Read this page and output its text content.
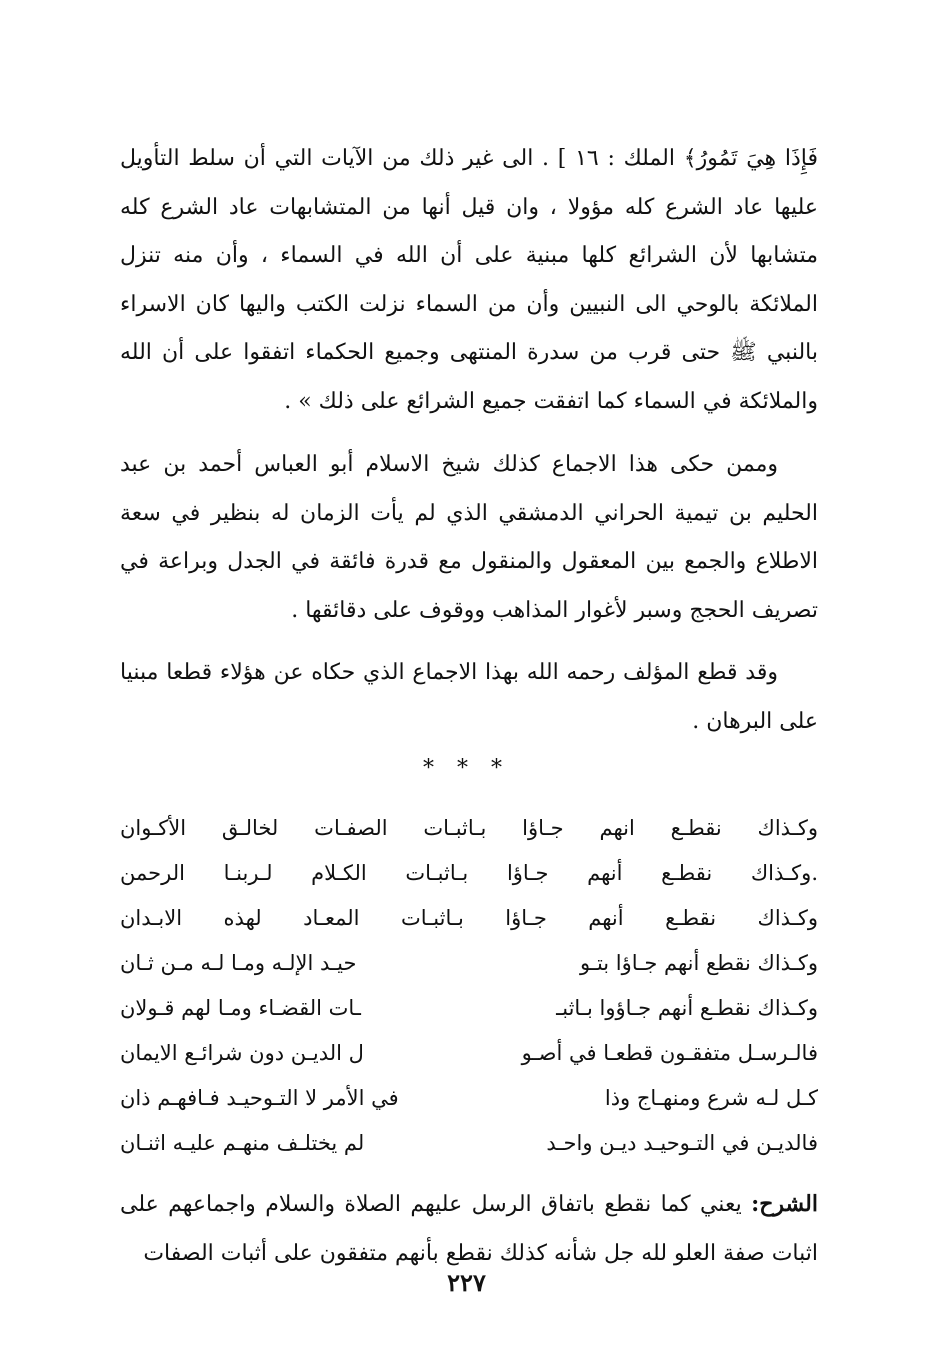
فَإِذَا هِيَ تَمُورُ﴾ الملك : ١٦ ] . الى غير ذلك من الآيات التي أن سلط التأويل عليها عاد الشرع كله مؤولا ، وان قيل أنها من المتشابهات عاد الشرع كله متشابها لأن الشرائع كلها مبنية على أن الله في السماء ، وأن منه تنزل الملائكة بالوحي الى النبيين وأن من السماء نزلت الكتب واليها كان الاسراء بالنبي ﷺ حتى قرب من سدرة المنتهى وجميع الحكماء اتفقوا على أن الله والملائكة في السماء كما اتفقت جميع الشرائع على ذلك » .
وممن حكى هذا الاجماع كذلك شيخ الاسلام أبو العباس أحمد بن عبد الحليم بن تيمية الحراني الدمشقي الذي لم يأت الزمان له بنظير في سعة الاطلاع والجمع بين المعقول والمنقول مع قدرة فائقة في الجدل وبراعة في تصريف الحجج وسبر لأغوار المذاهب ووقوف على دقائقها .
وقد قطع المؤلف رحمه الله بهذا الاجماع الذي حكاه عن هؤلاء قطعا مبنيا على البرهان .
* * *
وكـذاك نقطـع انهم جـاؤا بـاثبـات الصفـات لخالـق الأكـوان
.وكـذاك نقطـع أنهم جـاؤا بـاثبـات الكـلام لـربنـا الرحمن
وكـذاك نقطـع أنهم جـاؤا بـاثبـات المعـاد لهذه الابـدان
وكـذاك نقطع أنهم جـاؤا بتـو
حيـد الإلـه ومـا لـه مـن ثـان
وكـذاك نقطـع أنهم جـاؤوا بـاثبـ
ـات القضـاء ومـا لهم قـولان
فالـرسـل متفقـون قطعـا في أصـو
ل الديـن دون شرائـع الايمان
كـل لـه شرع ومنهـاج وذا
في الأمر لا التـوحيـد فـافهـم ذان
فالديـن في التـوحيـد ديـن واحـد
لم يختلـف منهـم عليـه اثنـان
الشرح: يعني كما نقطع باتفاق الرسل عليهم الصلاة والسلام واجماعهم على اثبات صفة العلو لله جل شأنه كذلك نقطع بأنهم متفقون على أثبات الصفات
٢٢٧
